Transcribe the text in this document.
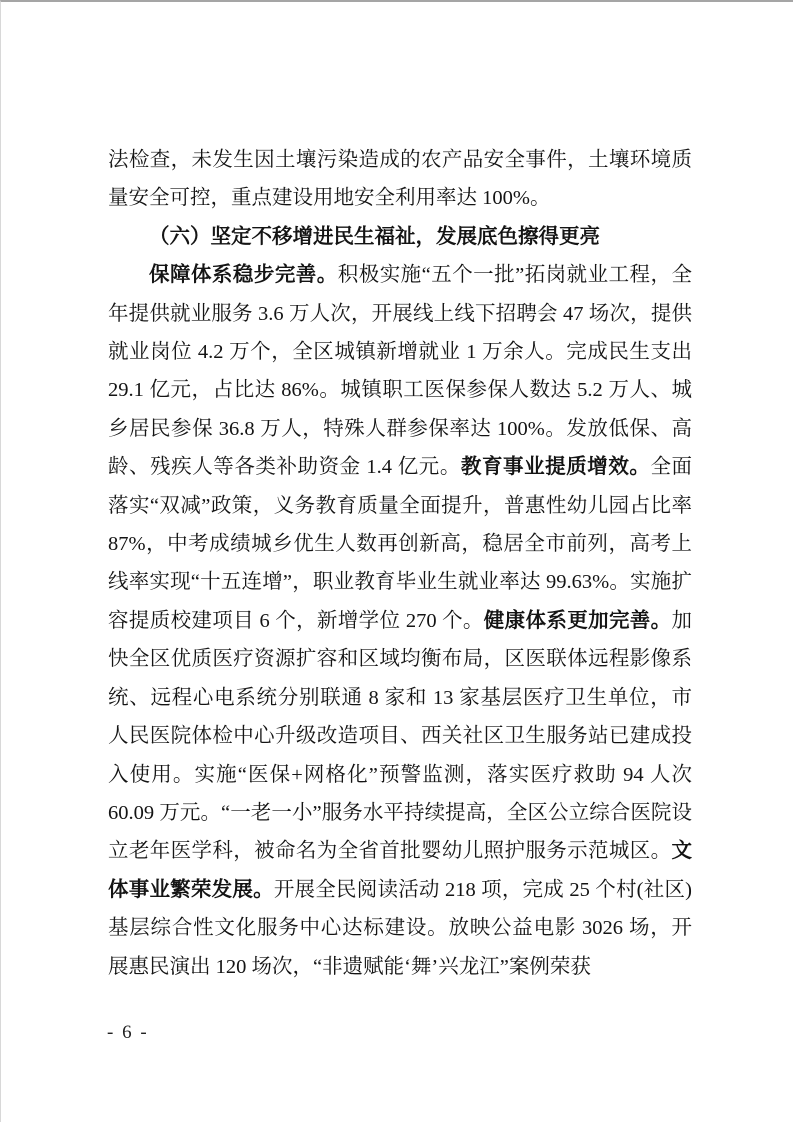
法检查，未发生因土壤污染造成的农产品安全事件，土壤环境质量安全可控，重点建设用地安全利用率达 100%。

（六）坚定不移增进民生福祉，发展底色擦得更亮

保障体系稳步完善。积极实施“五个一批”拓岗就业工程，全年提供就业服务 3.6 万人次，开展线上线下招聘会 47 场次，提供就业岗位 4.2 万个，全区城镇新增就业 1 万余人。完成民生支出 29.1 亿元，占比达 86%。城镇职工医保参保人数达 5.2 万人、城乡居民参保 36.8 万人，特殊人群参保率达 100%。发放低保、高龄、残疾人等各类补助资金 1.4 亿元。教育事业提质增效。全面落实“双减”政策，义务教育质量全面提升，普惠性幼儿园占比率 87%，中考成绩城乡优生人数再创新高，稳居全市前列，高考上线率实现“十五连增”，职业教育毕业生就业率达 99.63%。实施扩容提质校建项目 6 个，新增学位 270 个。健康体系更加完善。加快全区优质医疗资源扩容和区域均衡布局，区医联体远程影像系统、远程心电系统分别联通 8 家和 13 家基层医疗卫生单位，市人民医院体检中心升级改造项目、西关社区卫生服务站已建成投入使用。实施“医保+网格化”预警监测，落实医疗救助 94 人次 60.09 万元。“一老一小”服务水平持续提高，全区公立综合医院设立老年医学科，被命名为全省首批婴幼儿照护服务示范城区。文体事业繁荣发展。开展全民阅读活动 218 项，完成 25 个村(社区)基层综合性文化服务中心达标建设。放映公益电影 3026 场，开展惠民演出 120 场次，“非遗赋能‘舞’兴龙江”案例荣获

- 6 -
